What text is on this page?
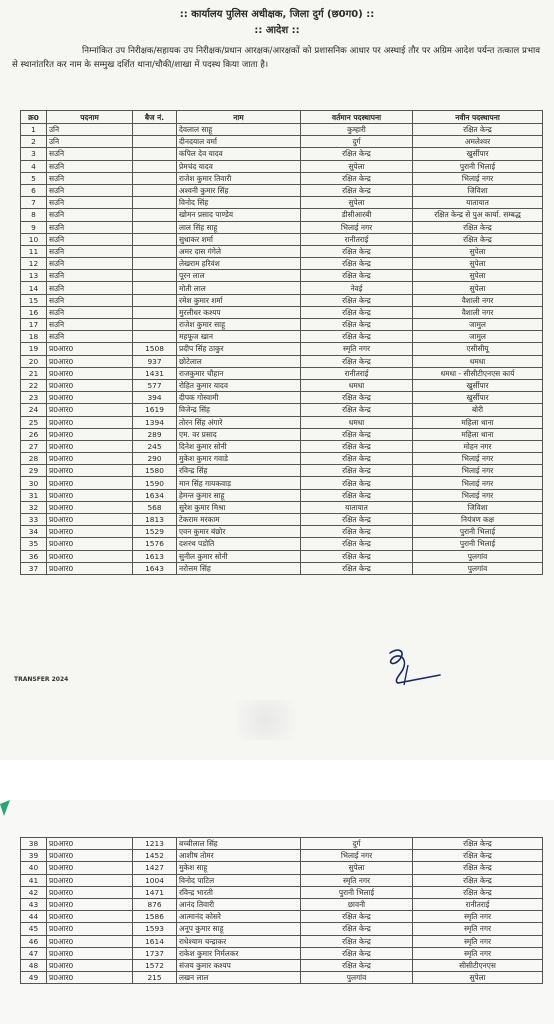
:: कार्यालय पुलिस अधीक्षक, जिला दुर्ग (छ0ग0) ::
:: आदेश ::
निम्नांकित उप निरीक्षक/सहायक उप निरीक्षक/प्रधान आरक्षक/आरक्षकों को प्रशासनिक आधार पर अस्थाई तौर पर अग्रिम आदेश पर्यन्त तत्काल प्रभाव से स्थानांतरित कर नाम के सम्मुख दर्शित थाना/चौकी/शाखा में पदस्थ किया जाता है।
क्र0	पदनाम	बैज नं.	नाम	वर्तमान पदस्थापना	नवीन पदस्थापना
1	उनि		देवलाल साहू	कुम्हारी	रक्षित केन्द्र
2	उनि		दीनदयाल वर्मा	दुर्ग	अमलेश्वर
3	सउनि		कपिल देव यादव	रक्षित केन्द्र	खुर्सीपार
4	सउनि		प्रेमचंद यादव	सुपेला	पुरानी भिलाई
5	सउनि		राजेश कुमार तिवारी	रक्षित केन्द्र	भिलाई नगर
6	सउनि		अश्वनी कुमार सिंह	रक्षित केन्द्र	जिविशा
7	सउनि		विनोद सिंह	सुपेला	यातायात
8	सउनि		खोमन प्रसाद पाण्डेय	डीसीआरबी	रक्षित केन्द्र से पुअ कार्या. सम्बद्ध
9	सउनि		लाल सिंह साहू	भिलाई नगर	रक्षित केन्द्र
10	सउनि		सुधाकर शर्मा	रानीतराई	रक्षित केन्द्र
11	सउनि		अमर दास गंगेले	रक्षित केन्द्र	सुपेला
12	सउनि		लेखराम हरिवंश	रक्षित केन्द्र	सुपेला
13	सउनि		पूरन लाल	रक्षित केन्द्र	सुपेला
14	सउनि		मोती लाल	नेवई	सुपेला
15	सउनि		रमेश कुमार शर्मा	रक्षित केन्द्र	वैशाली नगर
16	सउनि		मुरलीधर कश्यप	रक्षित केन्द्र	वैशाली नगर
17	सउनि		राजेश कुमार साहू	रक्षित केन्द्र	जामुल
18	सउनि		महफूज खान	रक्षित केन्द्र	जामुल
19	प्र0आर0	1508	प्रदीप सिंह ठाकुर	स्मृति नगर	एसीसीयू
20	प्र0आर0	937	छोटेलाल	रक्षित केन्द्र	धमधा
21	प्र0आर0	1431	राजकुमार चौहान	रानीतराई	धमधा - सीसीटीएनएस कार्य
22	प्र0आर0	577	रोहित कुमार यादव	धमधा	खुर्सीपार
23	प्र0आर0	394	दीपक गोस्वामी	रक्षित केन्द्र	खुर्सीपार
24	प्र0आर0	1619	विजेन्द्र सिंह	रक्षित केन्द्र	बोरी
25	प्र0आर0	1394	तोरन सिंह अंगारे	धमधा	महिला थाना
26	प्र0आर0	289	एम. वर प्रसाद	रक्षित केन्द्र	महिला थाना
27	प्र0आर0	245	दिनेश कुमार सोनी	रक्षित केन्द्र	मोहन नगर
28	प्र0आर0	290	मुकेश कुमार गवाडे	रक्षित केन्द्र	भिलाई नगर
29	प्र0आर0	1580	रविन्द्र सिंह	रक्षित केन्द्र	भिलाई नगर
30	प्र0आर0	1590	मान सिंह गायकवाड़	रक्षित केन्द्र	भिलाई नगर
31	प्र0आर0	1634	हेमन्त कुमार साहू	रक्षित केन्द्र	भिलाई नगर
32	प्र0आर0	568	सुरेश कुमार मिश्रा	यातायात	जिविशा
33	प्र0आर0	1813	टेकराम मरकाम	रक्षित केन्द्र	नियंत्रण कक्ष
34	प्र0आर0	1529	एवन कुमार बंछोर	रक्षित केन्द्र	पुरानी भिलाई
35	प्र0आर0	1576	दशरथ पडोति	रक्षित केन्द्र	पुरानी भिलाई
36	प्र0आर0	1613	सुनील कुमार सोनी	रक्षित केन्द्र	पुलगांव
37	प्र0आर0	1643	नरोत्तम सिंह	रक्षित केन्द्र	पुलगांव
TRANSFER 2024
38	प्र0आर0	1213	बच्चीलाल सिंह	दुर्ग	रक्षित केन्द्र
39	प्र0आर0	1452	आशीष तोमर	भिलाई नगर	रक्षित केन्द्र
40	प्र0आर0	1427	मुकेश साहू	सुपेला	रक्षित केन्द्र
41	प्र0आर0	1004	विनोद पाटिल	स्मृति नगर	रक्षित केन्द्र
42	प्र0आर0	1471	रविन्द्र भारती	पुरानी भिलाई	रक्षित केन्द्र
43	प्र0आर0	876	आनंद तिवारी	छावनी	रानीतराई
44	प्र0आर0	1586	आत्मानंद कोसरे	रक्षित केन्द्र	स्मृति नगर
45	प्र0आर0	1593	अनूप कुमार साहू	रक्षित केन्द्र	स्मृति नगर
46	प्र0आर0	1614	राधेश्याम चन्द्राकर	रक्षित केन्द्र	स्मृति नगर
47	प्र0आर0	1737	राकेश कुमार निर्मलकर	रक्षित केन्द्र	स्मृति नगर
48	प्र0आर0	1572	संजय कुमार कश्यप	रक्षित केन्द्र	सीसीटीएनएस
49	प्र0आर0	215	लखन लाल	पुलगांव	सुपेला
